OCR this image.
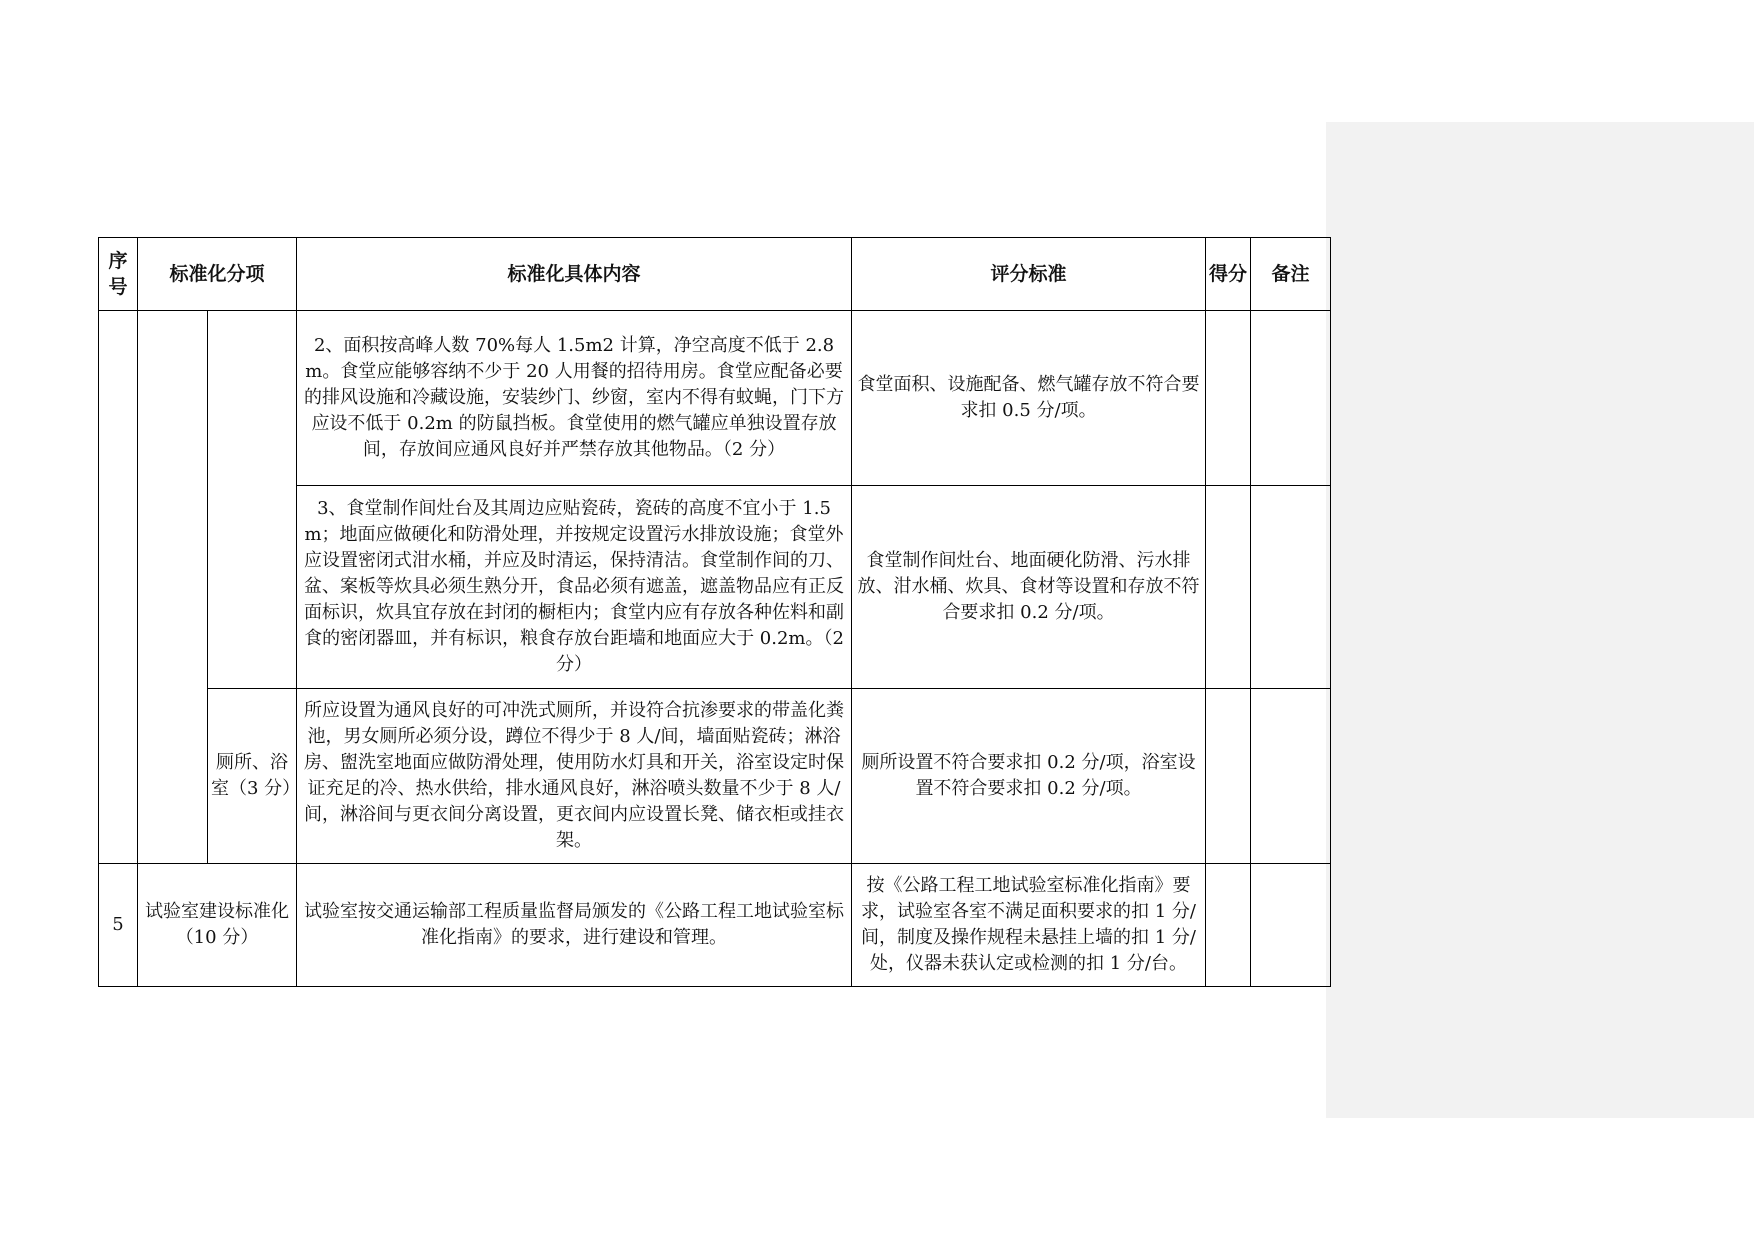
序号	标准化分项		标准化具体内容	评分标准	得分	备注
			2、面积按高峰人数 70%每人 1.5m2 计算，净空高度不低于 2.8m。食堂应能够容纳不少于 20 人用餐的招待用房。食堂应配备必要的排风设施和冷藏设施，安装纱门、纱窗，室内不得有蚊蝇，门下方应设不低于 0.2m 的防鼠挡板。食堂使用的燃气罐应单独设置存放间，存放间应通风良好并严禁存放其他物品。（2 分）	食堂面积、设施配备、燃气罐存放不符合要求扣 0.5 分/项。		
			3、食堂制作间灶台及其周边应贴瓷砖，瓷砖的高度不宜小于 1.5m；地面应做硬化和防滑处理，并按规定设置污水排放设施；食堂外应设置密闭式泔水桶，并应及时清运，保持清洁。食堂制作间的刀、盆、案板等炊具必须生熟分开，食品必须有遮盖，遮盖物品应有正反面标识，炊具宜存放在封闭的橱柜内；食堂内应有存放各种佐料和副食的密闭器皿，并有标识，粮食存放台距墙和地面应大于 0.2m。（2 分）	食堂制作间灶台、地面硬化防滑、污水排放、泔水桶、炊具、食材等设置和存放不符合要求扣 0.2 分/项。		
		厕所、浴室（3 分）	所应设置为通风良好的可冲洗式厕所，并设符合抗渗要求的带盖化粪池，男女厕所必须分设，蹲位不得少于 8 人/间，墙面贴瓷砖；淋浴　房、盥洗室地面应做防滑处理，使用防水灯具和开关，浴室设定时保证充足的冷、热水供给，排水通风良好，淋浴喷头数量不少于 8 人/间，淋浴间与更衣间分离设置，更衣间内应设置长凳、储衣柜或挂衣架。	厕所设置不符合要求扣 0.2 分/项，浴室设置不符合要求扣 0.2 分/项。		
5	试验室建设标准化（10 分）		试验室按交通运输部工程质量监督局颁发的《公路工程工地试验室标准化指南》的要求，进行建设和管理。	按《公路工程工地试验室标准化指南》要求，试验室各室不满足面积要求的扣 1 分/间，制度及操作规程未悬挂上墙的扣 1 分/处，仪器未获认定或检测的扣 1 分/台。		
